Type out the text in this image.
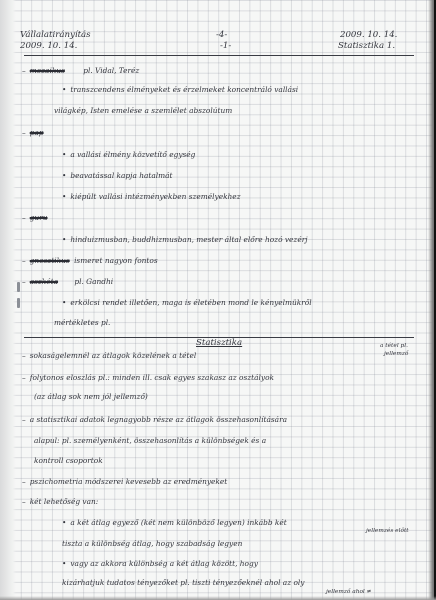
Vállalatirányítás
2009. 10. 14.
-4-
-1-
2009. 10. 14.
Statisztika 1.
– mozaikus pl. Vidal, Teréz
• transzcendens élményeket és érzelmeket koncentráló vallási
világkép, Isten emelése a szemlélet abszolútum
– pap
• a vallási élmény közvetítő egység
• beavatással kapja hatalmát
• kiépült vallási intézményekben személyekhez
– guru
• hinduizmusban, buddhizmusban, mester által előre hozó vezérj
– gnosztikus ismeret nagyon fontos
– aszkéta pl. Gandhi
• erkölcsi rendet illetően, maga is életében mond le kényelmükről
mértékletes pl.
Statisztika
– sokaságelemnél az átlagok közelének a tétel
a tétel pl.
jellemző
– folytonos eloszlás pl.: minden ill. csak egyes szakasz az osztályok
(az átlag sok nem jól jellemző)
– a statisztikai adatok legnagyobb része az átlagok összehasonlítására
alapul: pl. személyenként, összehasonlítás a különbségek és a
kontroll csoportok
– pszichometria módszerei kevesebb az eredményeket
– két lehetőség van:
• a két átlag egyező (két nem különböző legyen) inkább két
jellemzés előtt
tiszta a különbség átlag, hogy szabadság legyen
• vagy az akkora különbség a két átlag között, hogy
kizárhatjuk tudatos tényezőket pl. tiszti tényezőeknél ahol az oly
jellemző ahol ≠
